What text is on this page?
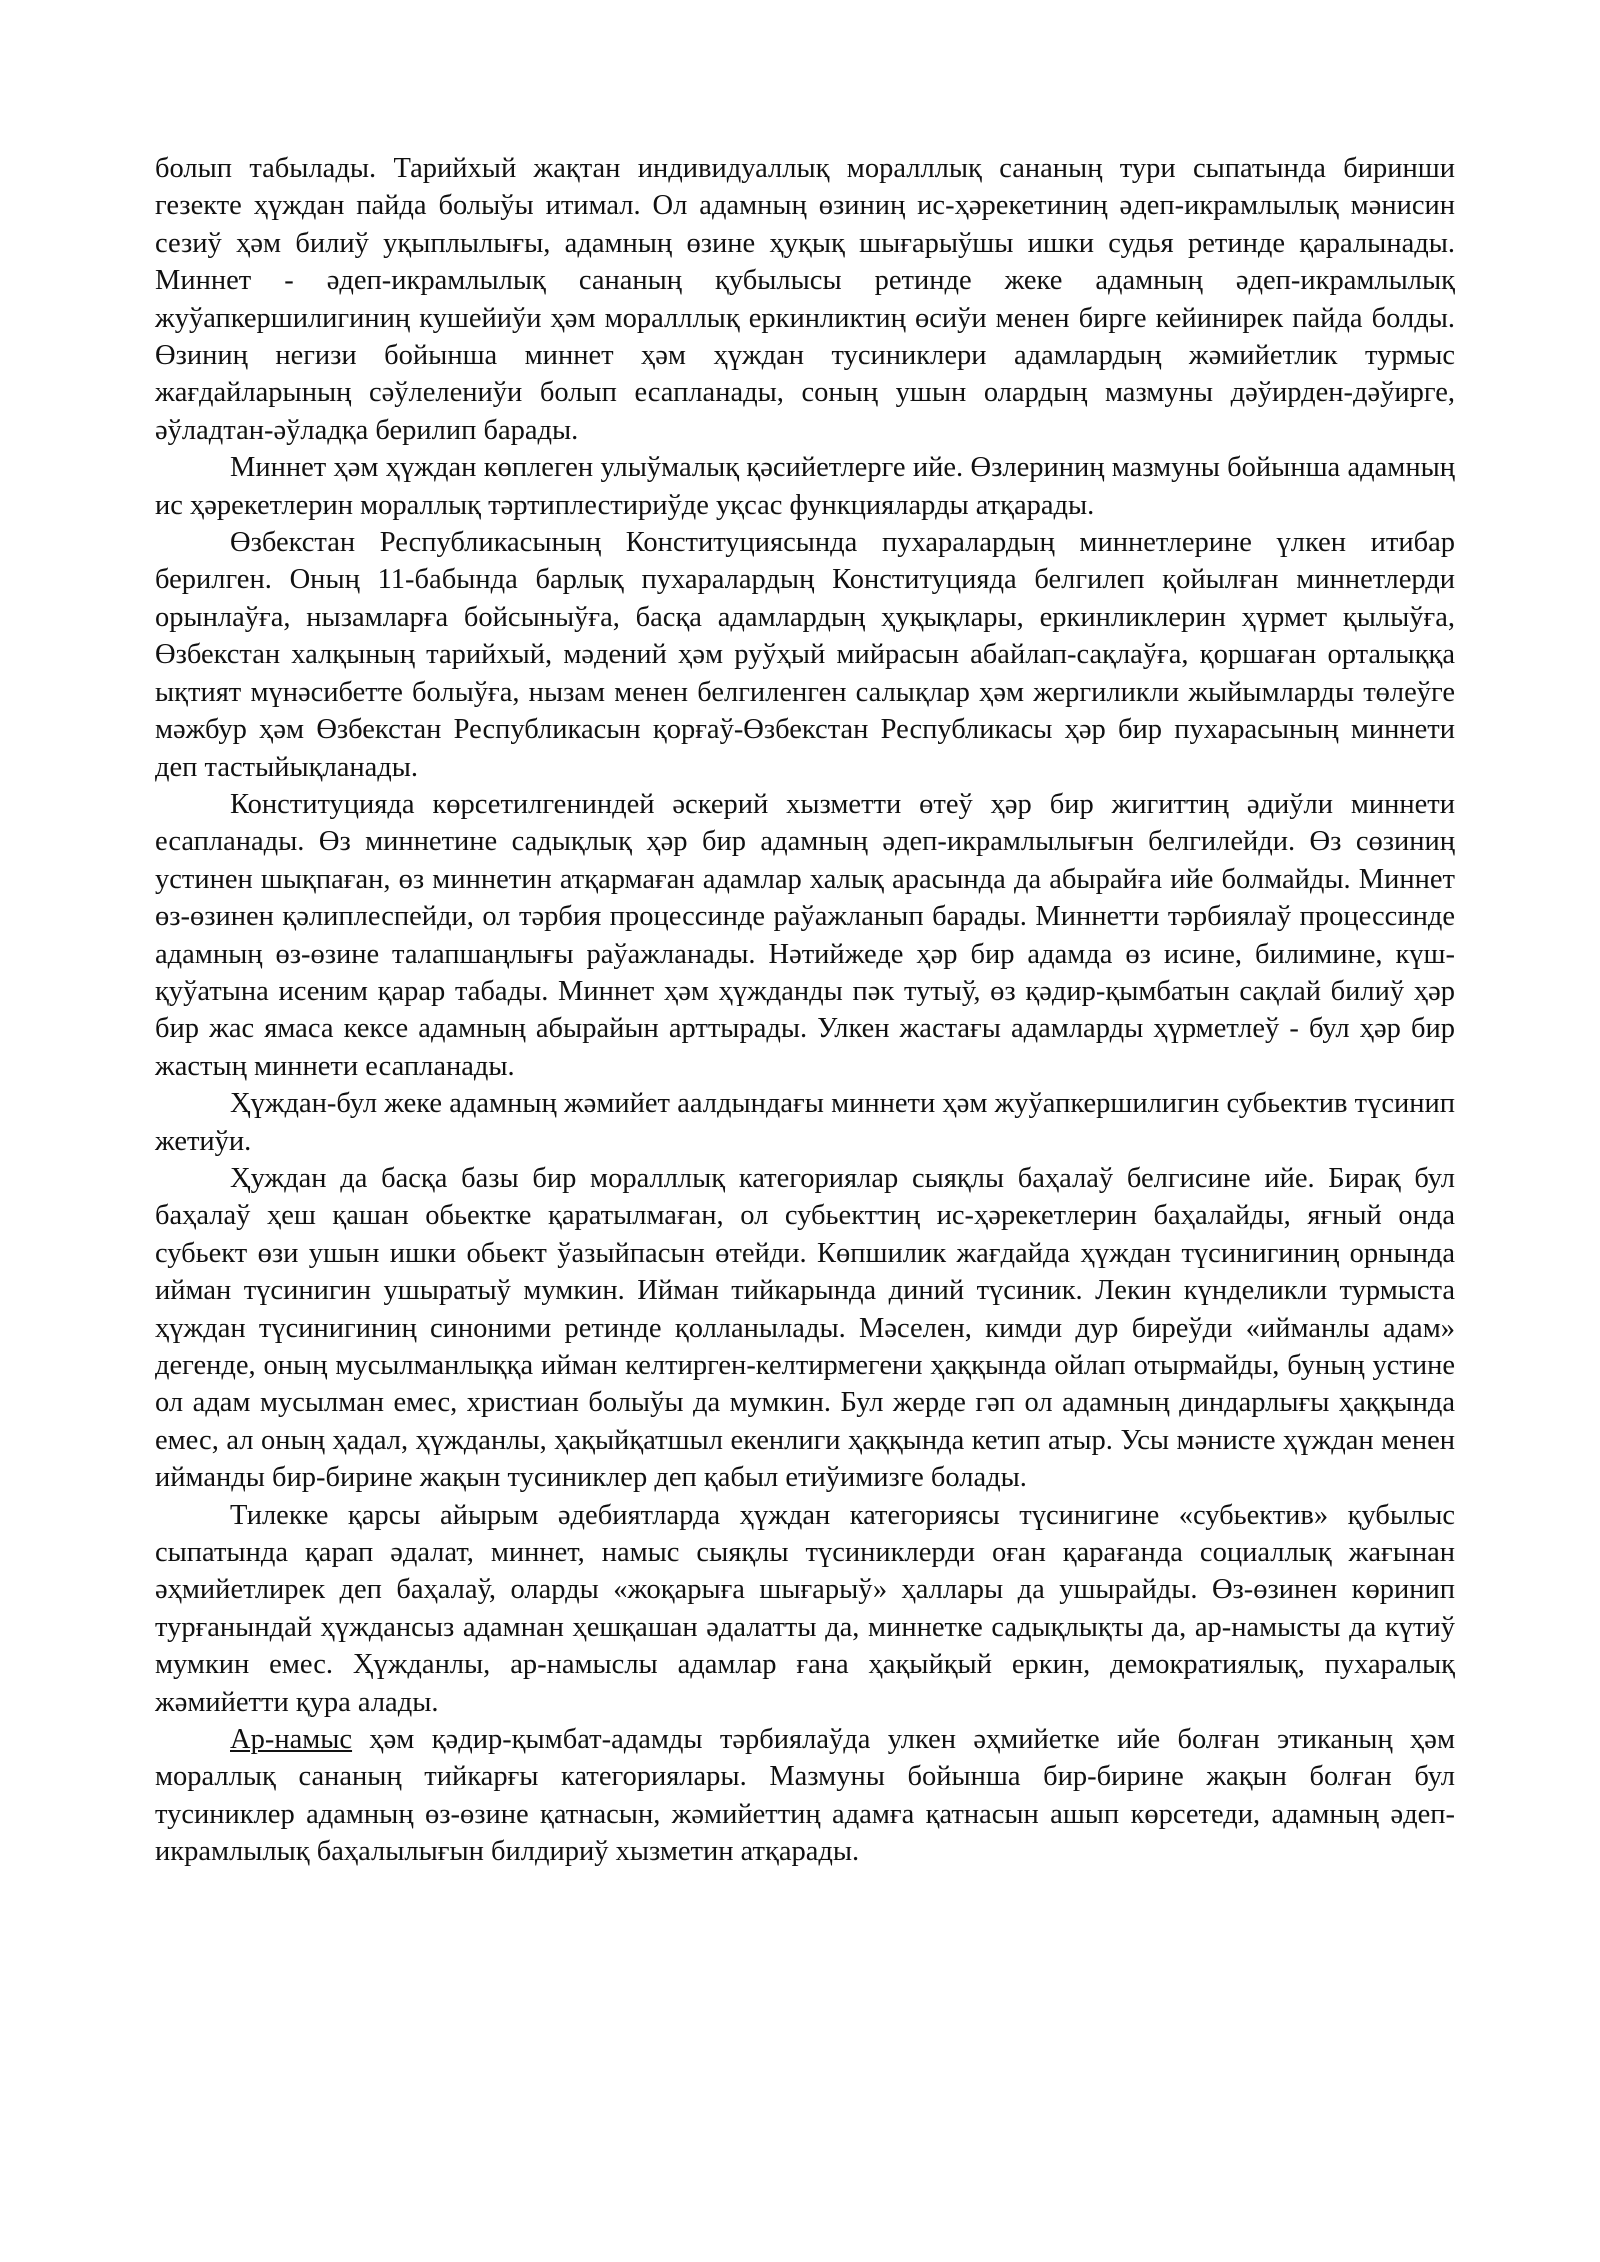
болып табылады. Тарийхый жақтан индивидуаллық моралллық сананың тури сыпатында биринши гезекте ҳүждан пайда болыўы итимал. Ол адамның өзиниң ис-ҳәрекетиниң әдеп-икрамлылық мәнисин сезиў ҳәм билиў уқыплылығы, адамның өзине ҳуқық шығарыўшы ишки судья ретинде қаралынады. Миннет - әдеп-икрамлылық сананың қубылысы ретинде жеке адамның әдеп-икрамлылық жуўапкершилигиниң кушейиўи ҳәм моралллық еркинликтиң өсиўи менен бирге кейинирек пайда болды. Өзиниң негизи бойынша миннет ҳәм ҳүждан тусиниклери адамлардың жәмийетлик турмыс жағдайларының сәўлелениўи болып есапланады, соның ушын олардың мазмуны дәўирден-дәўирге, әўладтан-әўладқа берилип барады.

Миннет ҳәм ҳүждан көплеген улыўмалық қәсийетлерге ийе. Өзлериниң мазмуны бойынша адамның ис ҳәрекетлерин мораллық тәртиплестириўде уқсас функцияларды атқарады.

Өзбекстан Республикасының Конституциясында пухаралардың миннетлерине үлкен итибар берилген. Оның 11-бабында барлық пухаралардың Конституцияда белгилеп қойылған миннетлерди орынлаўға, нызамларға бойсыныўға, басқа адамлардың ҳуқықлары, еркинликлерин ҳүрмет қылыўға, Өзбекстан халқының тарийхый, мәдений ҳәм руўҳый мийрасын абайлап-сақлаўға, қоршаған орталыққа ықтият мүнәсибетте болыўға, нызам менен белгиленген салықлар ҳәм жергиликли жыйымларды төлеўге мәжбур ҳәм Өзбекстан Республикасын қорғаў-Өзбекстан Республикасы ҳәр бир пухарасының миннети деп тастыйықланады.

Конституцияда көрсетилгениндей әскерий хызметти өтеў ҳәр бир жигиттиң әдиўли миннети есапланады. Өз миннетине садықлық ҳәр бир адамның әдеп-икрамлылығын белгилейди. Өз сөзиниң устинен шықпаған, өз миннетин атқармаған адамлар халық арасында да абырайға ийе болмайды. Миннет өз-өзинен қәлиплеспейди, ол тәрбия процессинде раўажланып барады. Миннетти тәрбиялаў процессинде адамның өз-өзине талапшаңлығы раўажланады. Нәтийжеде ҳәр бир адамда өз исине, билимине, күш-қуўатына исеним қарар табады. Миннет ҳәм ҳүжданды пәк тутыў, өз қәдир-қымбатын сақлай билиў ҳәр бир жас ямаса кексе адамның абырайын арттырады. Улкен жастағы адамларды ҳүрметлеў - бул ҳәр бир жастың миннети есапланады.

Ҳүждан-бул жеке адамның жәмийет аалдындағы миннети ҳәм жуўапкершилигин субьектив түсинип жетиўи.

Ҳуждан да басқа базы бир моралллық категориялар сыяқлы баҳалаў белгисине ийе. Бирақ бул баҳалаў ҳеш қашан обьектке қаратылмаған, ол субьекттиң ис-ҳәрекетлерин баҳалайды, яғный онда субьект өзи ушын ишки обьект ўазыйпасын өтейди. Көпшилик жағдайда ҳүждан түсинигиниң орнында ийман түсинигин ушыратыў мумкин. Ийман тийкарында диний түсиник. Лекин күнделикли турмыста ҳүждан түсинигиниң синоними ретинде қолланылады. Мәселен, кимди дур биреўди «ийманлы адам» дегенде, оның мусылманлыққа ийман келтирген-келтирмегени ҳаққында ойлап отырмайды, буның устине ол адам мусылман емес, христиан болыўы да мумкин. Бул жерде гәп ол адамның диндарлығы ҳаққында емес, ал оның ҳадал, ҳүжданлы, ҳақыйқатшыл екенлиги ҳаққында кетип атыр. Усы мәнисте ҳүждан менен ийманды бир-бирине жақын тусиниклер деп қабыл етиўимизге болады.

Тилекке қарсы айырым әдебиятларда ҳүждан категориясы түсинигине «субьектив» қубылыс сыпатында қарап әдалат, миннет, намыс сыяқлы түсиниклерди оған қарағанда социаллық жағынан әҳмийетлирек деп баҳалаў, оларды «жоқарыға шығарыў» ҳаллары да ушырайды. Өз-өзинен көринип турғанындай ҳүждансыз адамнан ҳешқашан әдалатты да, миннетке садықлықты да, ар-намысты да күтиў мумкин емес. Ҳүжданлы, ар-намыслы адамлар ғана ҳақыйқый еркин, демократиялық, пухаралық жәмийетти қура алады.

Ар-намыс ҳәм қәдир-қымбат-адамды тәрбиялаўда улкен әҳмийетке ийе болған этиканың ҳәм мораллық сананың тийкарғы категориялары. Мазмуны бойынша бир-бирине жақын болған бул тусиниклер адамның өз-өзине қатнасын, жәмийеттиң адамға қатнасын ашып көрсетеди, адамның әдеп-икрамлылық баҳалылығын билдириў хызметин атқарады.
